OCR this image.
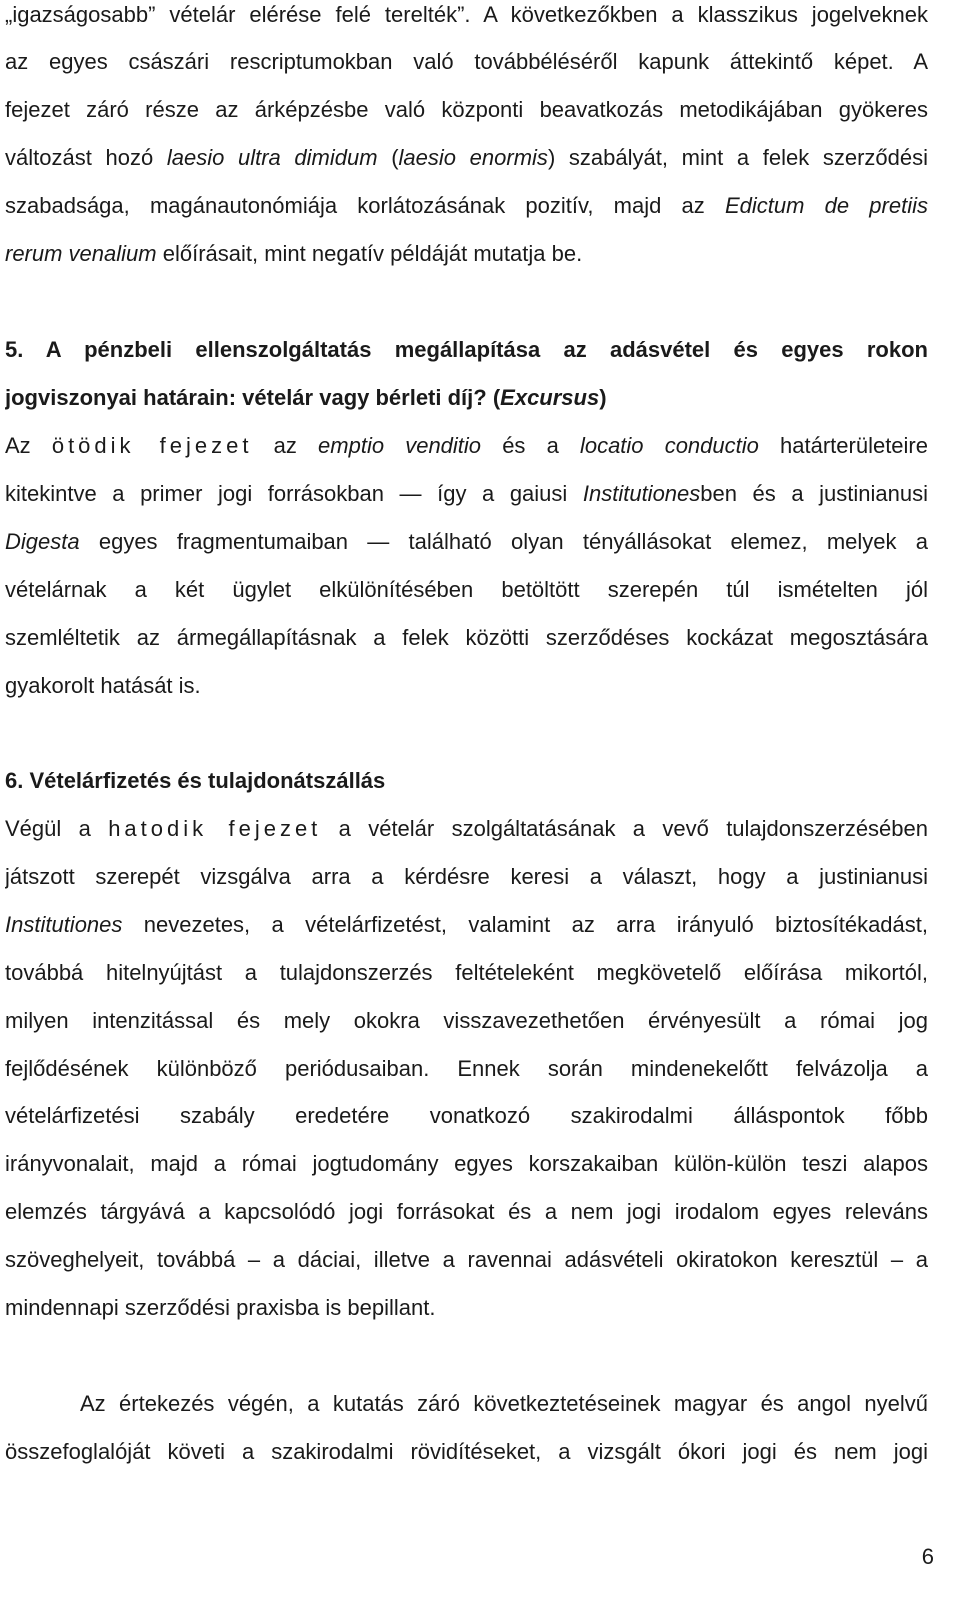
„igazságosabb” vételár elérése felé terelték”. A következőkben a klasszikus jogelveknek
az egyes császári rescriptumokban való továbbéléséről kapunk áttekintő képet. A
fejezet záró része az árképzésbe való központi beavatkozás metodikájában gyökeres
változást hozó laesio ultra dimidum (laesio enormis) szabályát, mint a felek szerződési
szabadsága, magánautonómiája korlátozásának pozitív, majd az Edictum de pretiis
rerum venalium előírásait, mint negatív példáját mutatja be.
5. A pénzbeli ellenszolgáltatás megállapítása az adásvétel és egyes rokon
jogviszonyai határain: vételár vagy bérleti díj? (Excursus)
Az ötödik fejezet az emptio venditio és a locatio conductio határterületeire
kitekintve a primer jogi forrásokban — így a gaiusi Institutionesben és a justinianusi
Digesta egyes fragmentumaiban — található olyan tényállásokat elemez, melyek a
vételárnak a két ügylet elkülönítésében betöltött szerepén túl ismételten jól
szemléltetik az ármegállapításnak a felek közötti szerződéses kockázat megosztására
gyakorolt hatását is.
6. Vételárfizetés és tulajdonátszállás
Végül a hatodik fejezet a vételár szolgáltatásának a vevő tulajdonszerzésében
játszott szerepét vizsgálva arra a kérdésre keresi a választ, hogy a justinianusi
Institutiones nevezetes, a vételárfizetést, valamint az arra irányuló biztosítékadást,
továbbá hitelnyújtást a tulajdonszerzés feltételeként megkövetelő előírása mikortól,
milyen intenzitással és mely okokra visszavezethetően érvényesült a római jog
fejlődésének különböző periódusaiban. Ennek során mindenekelőtt felvázolja a
vételárfizetési szabály eredetére vonatkozó szakirodalmi álláspontok főbb
irányvonalait, majd a római jogtudomány egyes korszakaiban külön-külön teszi alapos
elemzés tárgyává a kapcsolódó jogi forrásokat és a nem jogi irodalom egyes releváns
szöveghelyeit, továbbá – a dáciai, illetve a ravennai adásvételi okiratokon keresztül – a
mindennapi szerződési praxisba is bepillant.
Az értekezés végén, a kutatás záró következtetéseinek magyar és angol nyelvű
összefoglalóját követi a szakirodalmi rövidítéseket, a vizsgált ókori jogi és nem jogi
6
